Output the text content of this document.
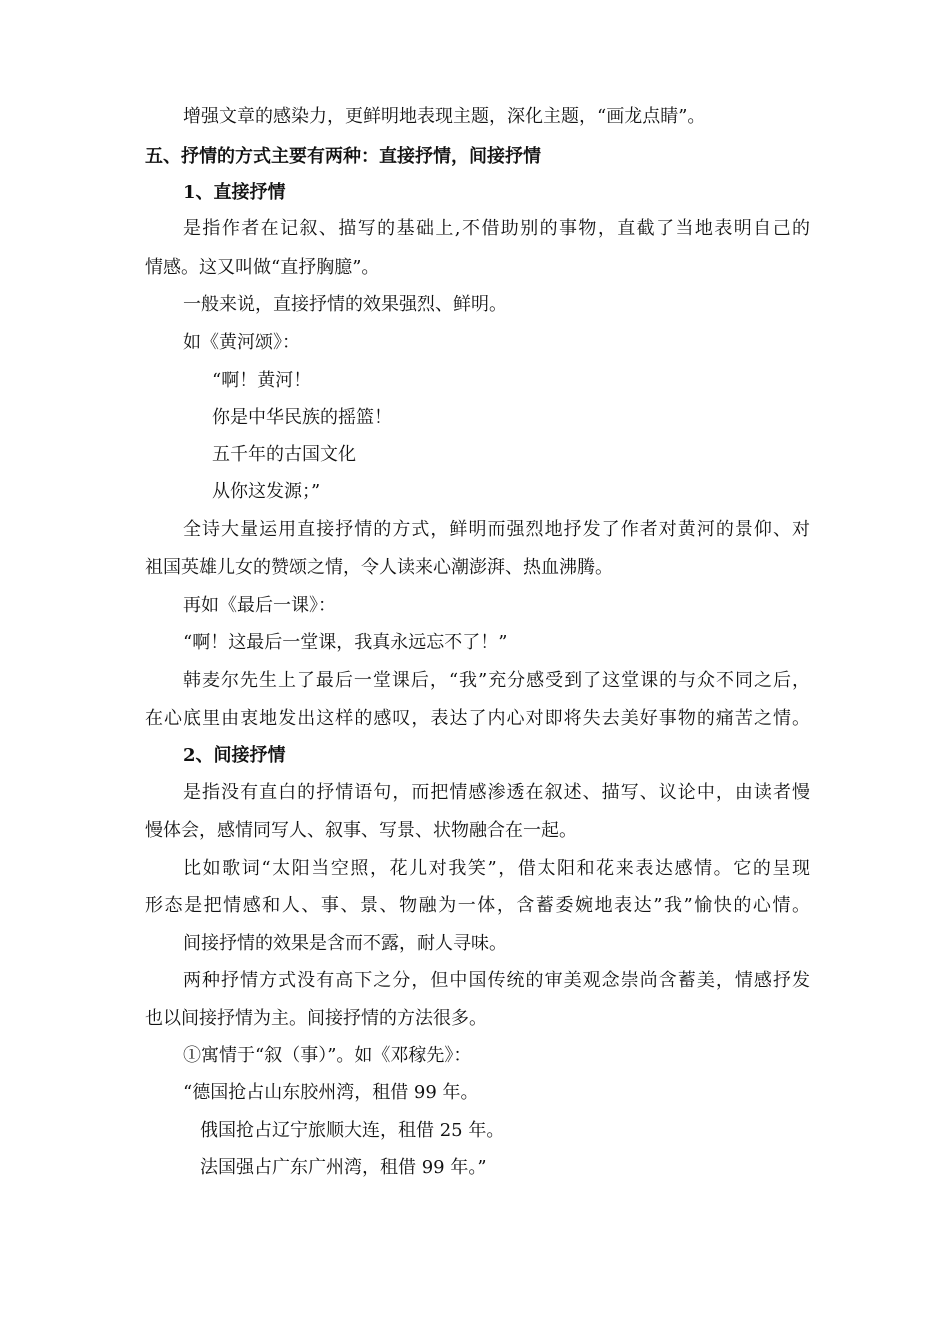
增强文章的感染力，更鲜明地表现主题，深化主题，“画龙点睛”。
五、抒情的方式主要有两种：直接抒情，间接抒情
1、直接抒情
是指作者在记叙、描写的基础上,不借助别的事物，直截了当地表明自己的
情感。这又叫做“直抒胸臆”。
一般来说，直接抒情的效果强烈、鲜明。
如《黄河颂》：
“啊！黄河！
你是中华民族的摇篮！
五千年的古国文化
从你这发源；”
全诗大量运用直接抒情的方式，鲜明而强烈地抒发了作者对黄河的景仰、对
祖国英雄儿女的赞颂之情，令人读来心潮澎湃、热血沸腾。
再如《最后一课》：
“啊！这最后一堂课，我真永远忘不了！”
韩麦尔先生上了最后一堂课后，“我”充分感受到了这堂课的与众不同之后，
在心底里由衷地发出这样的感叹，表达了内心对即将失去美好事物的痛苦之情。
2、间接抒情
是指没有直白的抒情语句，而把情感渗透在叙述、描写、议论中，由读者慢
慢体会，感情同写人、叙事、写景、状物融合在一起。
比如歌词“太阳当空照，花儿对我笑”，借太阳和花来表达感情。它的呈现
形态是把情感和人、事、景、物融为一体，含蓄委婉地表达”我”愉快的心情。
间接抒情的效果是含而不露，耐人寻味。
两种抒情方式没有高下之分，但中国传统的审美观念崇尚含蓄美，情感抒发
也以间接抒情为主。间接抒情的方法很多。
①寓情于“叙（事）”。如《邓稼先》：
“德国抢占山东胶州湾，租借 99 年。
俄国抢占辽宁旅顺大连，租借 25 年。
法国强占广东广州湾，租借 99 年。”
